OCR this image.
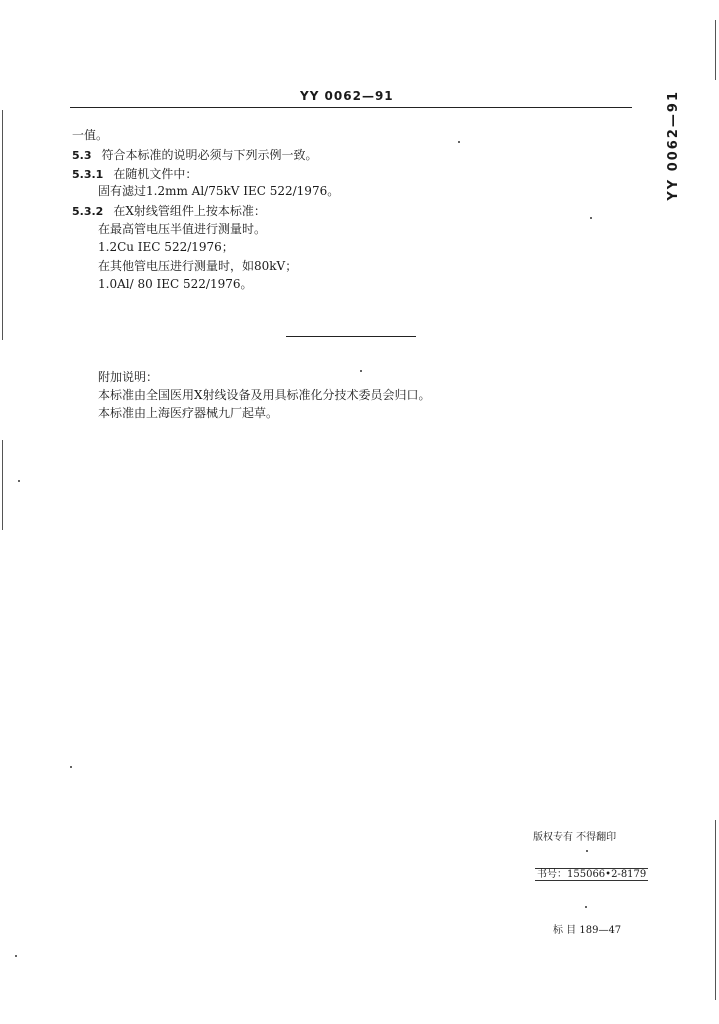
YY 0062—91	YY 0062—91
一值。
5.3 符合本标准的说明必须与下列示例一致。
5.3.1 在随机文件中：
固有滤过1.2mm Al/75kV IEC 522/1976。
5.3.2 在X射线管组件上按本标准：
在最高管电压半值进行测量时。
1.2Cu IEC 522/1976；
在其他管电压进行测量时，如80kV；
1.0Al/ 80 IEC 522/1976。
附加说明：
本标准由全国医用X射线设备及用具标准化分技术委员会归口。
本标准由上海医疗器械九厂起草。
版权专有 不得翻印
书号：155066•2-8179
标 目 189—47
